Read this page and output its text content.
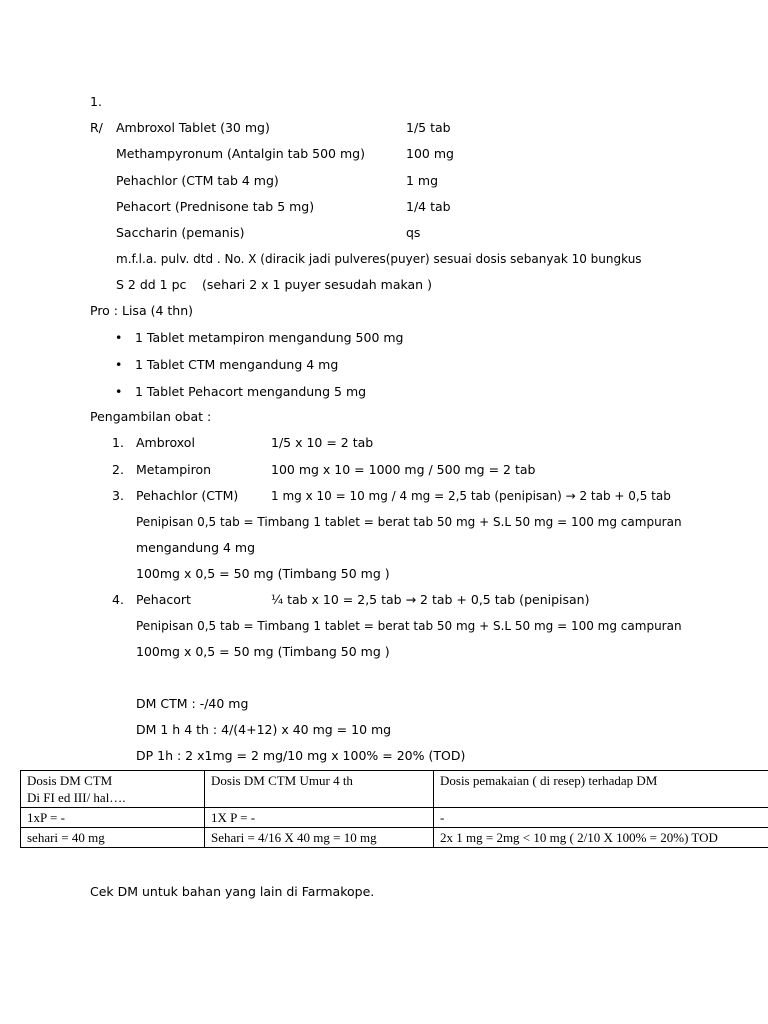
1.
R/ Ambroxol Tablet (30 mg)	1/5 tab
Methampyronum (Antalgin tab 500 mg)	100 mg
Pehachlor (CTM tab 4 mg)	1 mg
Pehacort (Prednisone tab 5 mg)	1/4 tab
Saccharin (pemanis)	qs
m.f.l.a. pulv. dtd . No. X (diracik jadi pulveres(puyer) sesuai dosis sebanyak 10 bungkus
S 2 dd 1 pc (sehari 2 x 1 puyer sesudah makan )
Pro : Lisa (4 thn)
• 1 Tablet metampiron mengandung 500 mg
• 1 Tablet CTM mengandung 4 mg
• 1 Tablet Pehacort mengandung 5 mg
Pengambilan obat :
1. Ambroxol	1/5 x 10 = 2 tab
2. Metampiron	100 mg x 10 = 1000 mg / 500 mg = 2 tab
3. Pehachlor (CTM)	1 mg x 10 = 10 mg / 4 mg = 2,5 tab (penipisan) → 2 tab + 0,5 tab
Penipisan 0,5 tab = Timbang 1 tablet = berat tab 50 mg + S.L 50 mg = 100 mg campuran
mengandung 4 mg
100mg x 0,5 = 50 mg (Timbang 50 mg )
4. Pehacort	¼ tab x 10 = 2,5 tab → 2 tab + 0,5 tab (penipisan)
Penipisan 0,5 tab = Timbang 1 tablet = berat tab 50 mg + S.L 50 mg = 100 mg campuran
100mg x 0,5 = 50 mg (Timbang 50 mg )
DM CTM : -/40 mg
DM 1 h 4 th : 4/(4+12) x 40 mg = 10 mg
DP 1h : 2 x1mg = 2 mg/10 mg x 100% = 20% (TOD)
Dosis DM CTM
Di FI ed III/ hal….	Dosis DM CTM Umur 4 th	Dosis pemakaian ( di resep) terhadap DM
1xP = -	1X P = -	-
sehari = 40 mg	Sehari = 4/16 X 40 mg = 10 mg	2x 1 mg = 2mg < 10 mg ( 2/10 X 100% = 20%) TOD
Cek DM untuk bahan yang lain di Farmakope.
